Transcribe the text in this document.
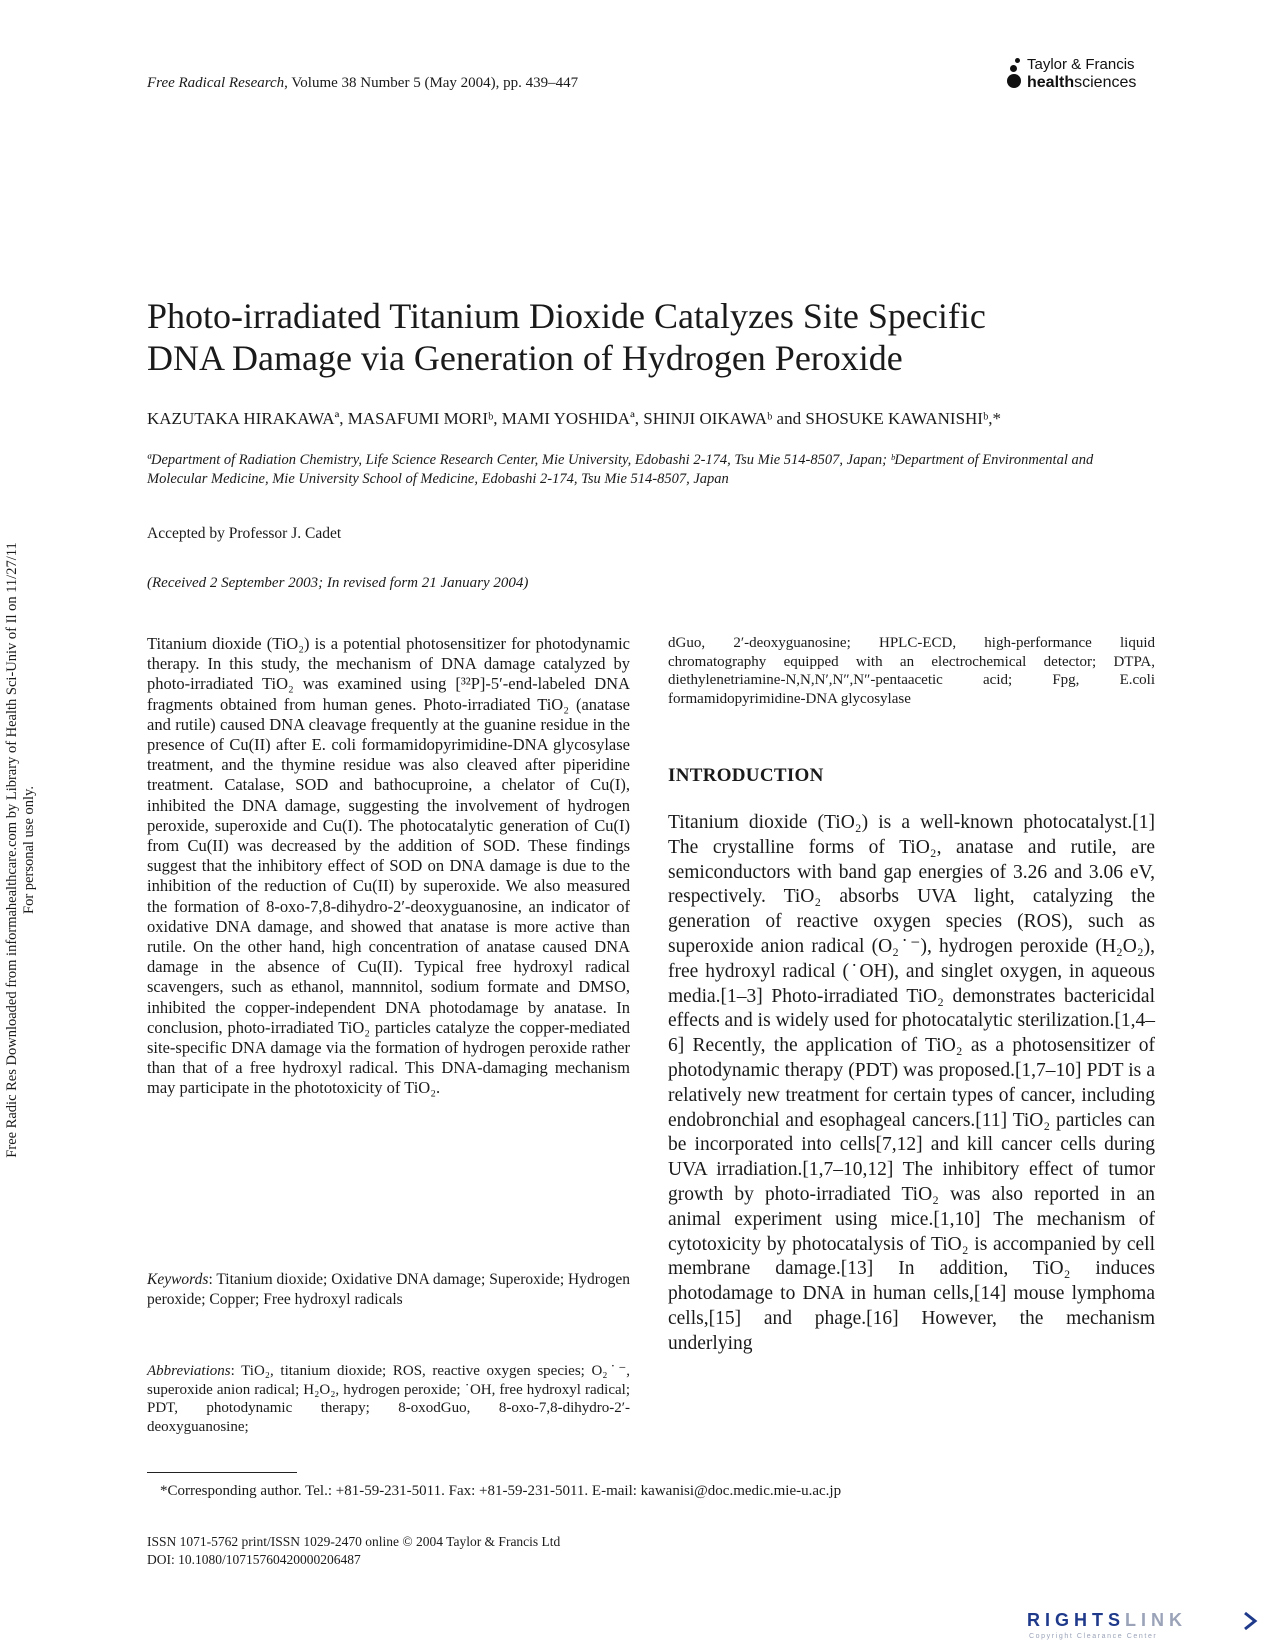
Free Radical Research, Volume 38 Number 5 (May 2004), pp. 439–447
Taylor & Francis
healthsciences
Free Radic Res Downloaded from informahealthcare.com by Library of Health Sci-Univ of Il on 11/27/11 For personal use only.
Photo-irradiated Titanium Dioxide Catalyzes Site Specific
DNA Damage via Generation of Hydrogen Peroxide
KAZUTAKA HIRAKAWAª, MASAFUMI MORIᵇ, MAMI YOSHIDAª, SHINJI OIKAWAᵇ and SHOSUKE KAWANISHIᵇ,*
ªDepartment of Radiation Chemistry, Life Science Research Center, Mie University, Edobashi 2-174, Tsu Mie 514-8507, Japan; ᵇDepartment of Environmental and Molecular Medicine, Mie University School of Medicine, Edobashi 2-174, Tsu Mie 514-8507, Japan
Accepted by Professor J. Cadet
(Received 2 September 2003; In revised form 21 January 2004)

Titanium dioxide (TiO₂) is a potential photosensitizer for photodynamic therapy. In this study, the mechanism of DNA damage catalyzed by photo-irradiated TiO₂ was examined using [³²P]-5′-end-labeled DNA fragments obtained from human genes. Photo-irradiated TiO₂ (anatase and rutile) caused DNA cleavage frequently at the guanine residue in the presence of Cu(II) after E. coli formamidopyrimidine-DNA glycosylase treatment, and the thymine residue was also cleaved after piperidine treatment. Catalase, SOD and bathocuproine, a chelator of Cu(I), inhibited the DNA damage, suggesting the involvement of hydrogen peroxide, superoxide and Cu(I). The photocatalytic generation of Cu(I) from Cu(II) was decreased by the addition of SOD. These findings suggest that the inhibitory effect of SOD on DNA damage is due to the inhibition of the reduction of Cu(II) by superoxide. We also measured the formation of 8-oxo-7,8-dihydro-2′-deoxyguanosine, an indicator of oxidative DNA damage, and showed that anatase is more active than rutile. On the other hand, high concentration of anatase caused DNA damage in the absence of Cu(II). Typical free hydroxyl radical scavengers, such as ethanol, mannnitol, sodium formate and DMSO, inhibited the copper-independent DNA photodamage by anatase. In conclusion, photo-irradiated TiO₂ particles catalyze the copper-mediated site-specific DNA damage via the formation of hydrogen peroxide rather than that of a free hydroxyl radical. This DNA-damaging mechanism may participate in the phototoxicity of TiO₂.

Keywords: Titanium dioxide; Oxidative DNA damage; Superoxide; Hydrogen peroxide; Copper; Free hydroxyl radicals

Abbreviations: TiO₂, titanium dioxide; ROS, reactive oxygen species; O₂˙⁻, superoxide anion radical; H₂O₂, hydrogen peroxide; ˙OH, free hydroxyl radical; PDT, photodynamic therapy; 8-oxodGuo, 8-oxo-7,8-dihydro-2′-deoxyguanosine;

dGuo, 2′-deoxyguanosine; HPLC-ECD, high-performance liquid chromatography equipped with an electrochemical detector; DTPA, diethylenetriamine-N,N,N′,N″,N″-pentaacetic acid; Fpg, E.coli formamidopyrimidine-DNA glycosylase

INTRODUCTION

Titanium dioxide (TiO₂) is a well-known photocatalyst.[1] The crystalline forms of TiO₂, anatase and rutile, are semiconductors with band gap energies of 3.26 and 3.06 eV, respectively. TiO₂ absorbs UVA light, catalyzing the generation of reactive oxygen species (ROS), such as superoxide anion radical (O₂˙⁻), hydrogen peroxide (H₂O₂), free hydroxyl radical (˙OH), and singlet oxygen, in aqueous media.[1–3] Photo-irradiated TiO₂ demonstrates bactericidal effects and is widely used for photocatalytic sterilization.[1,4–6] Recently, the application of TiO₂ as a photosensitizer of photodynamic therapy (PDT) was proposed.[1,7–10] PDT is a relatively new treatment for certain types of cancer, including endobronchial and esophageal cancers.[11] TiO₂ particles can be incorporated into cells[7,12] and kill cancer cells during UVA irradiation.[1,7–10,12] The inhibitory effect of tumor growth by photo-irradiated TiO₂ was also reported in an animal experiment using mice.[1,10] The mechanism of cytotoxicity by photocatalysis of TiO₂ is accompanied by cell membrane damage.[13] In addition, TiO₂ induces photodamage to DNA in human cells,[14] mouse lymphoma cells,[15] and phage.[16] However, the mechanism underlying

*Corresponding author. Tel.: +81-59-231-5011. Fax: +81-59-231-5011. E-mail: kawanisi@doc.medic.mie-u.ac.jp
ISSN 1071-5762 print/ISSN 1029-2470 online © 2004 Taylor & Francis Ltd
DOI: 10.1080/10715760420000206487
RIGHTSLINK
Copyright Clearance Center
